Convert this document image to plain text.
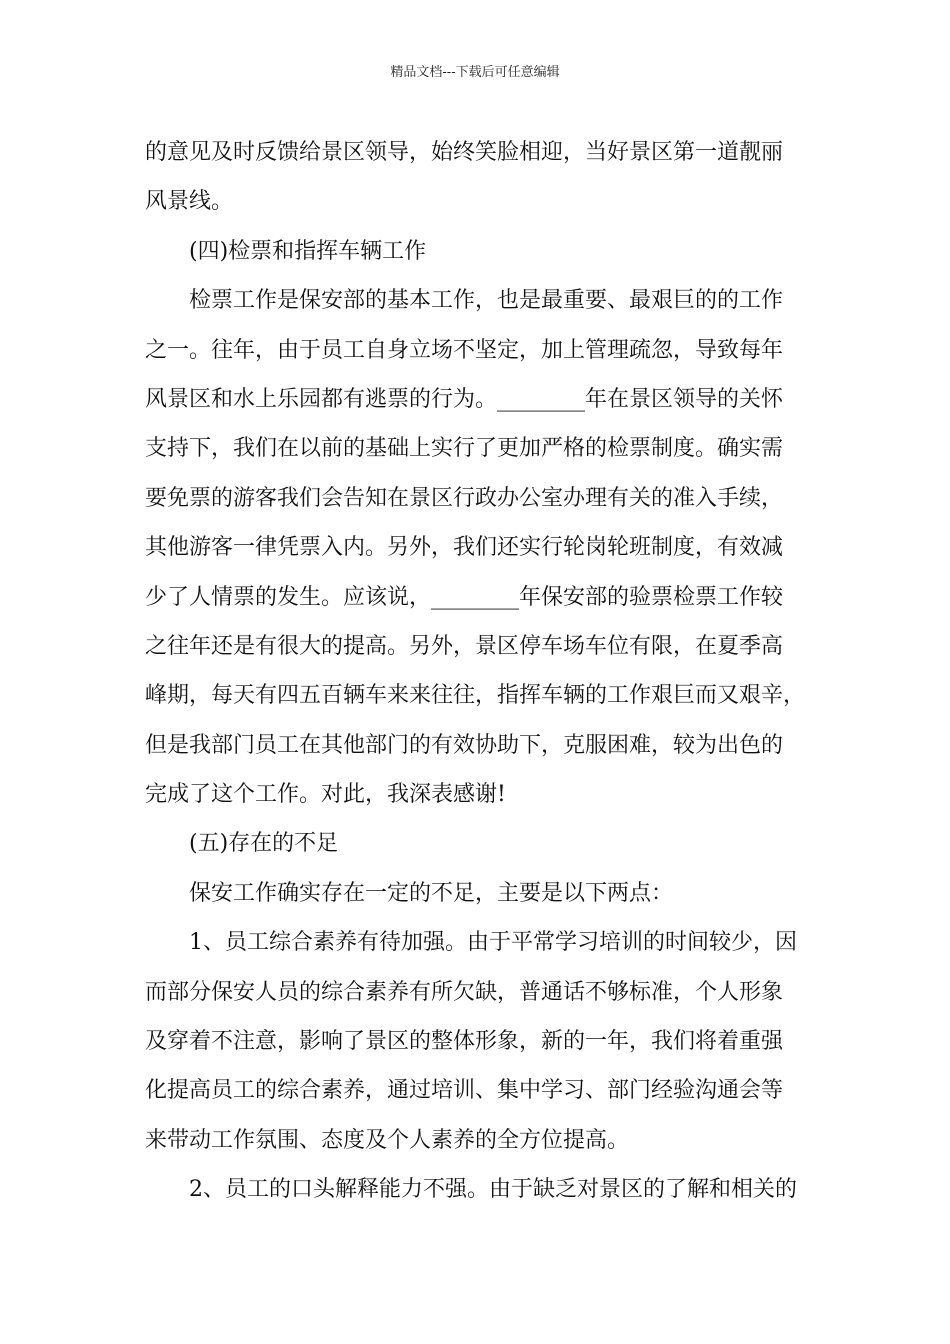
精品文档---下载后可任意编辑
的意见及时反馈给景区领导，始终笑脸相迎，当好景区第一道靓丽
风景线。
(四)检票和指挥车辆工作
检票工作是保安部的基本工作，也是最重要、最艰巨的的工作
之一。往年，由于员工自身立场不坚定，加上管理疏忽，导致每年
风景区和水上乐园都有逃票的行为。________年在景区领导的关怀
支持下，我们在以前的基础上实行了更加严格的检票制度。确实需
要免票的游客我们会告知在景区行政办公室办理有关的准入手续，
其他游客一律凭票入内。另外，我们还实行轮岗轮班制度，有效减
少了人情票的发生。应该说，________年保安部的验票检票工作较
之往年还是有很大的提高。另外，景区停车场车位有限，在夏季高
峰期，每天有四五百辆车来来往往，指挥车辆的工作艰巨而又艰辛，
但是我部门员工在其他部门的有效协助下，克服困难，较为出色的
完成了这个工作。对此，我深表感谢!
(五)存在的不足
保安工作确实存在一定的不足，主要是以下两点：
1、员工综合素养有待加强。由于平常学习培训的时间较少，因
而部分保安人员的综合素养有所欠缺，普通话不够标准，个人形象
及穿着不注意，影响了景区的整体形象，新的一年，我们将着重强
化提高员工的综合素养，通过培训、集中学习、部门经验沟通会等
来带动工作氛围、态度及个人素养的全方位提高。
2、员工的口头解释能力不强。由于缺乏对景区的了解和相关的
